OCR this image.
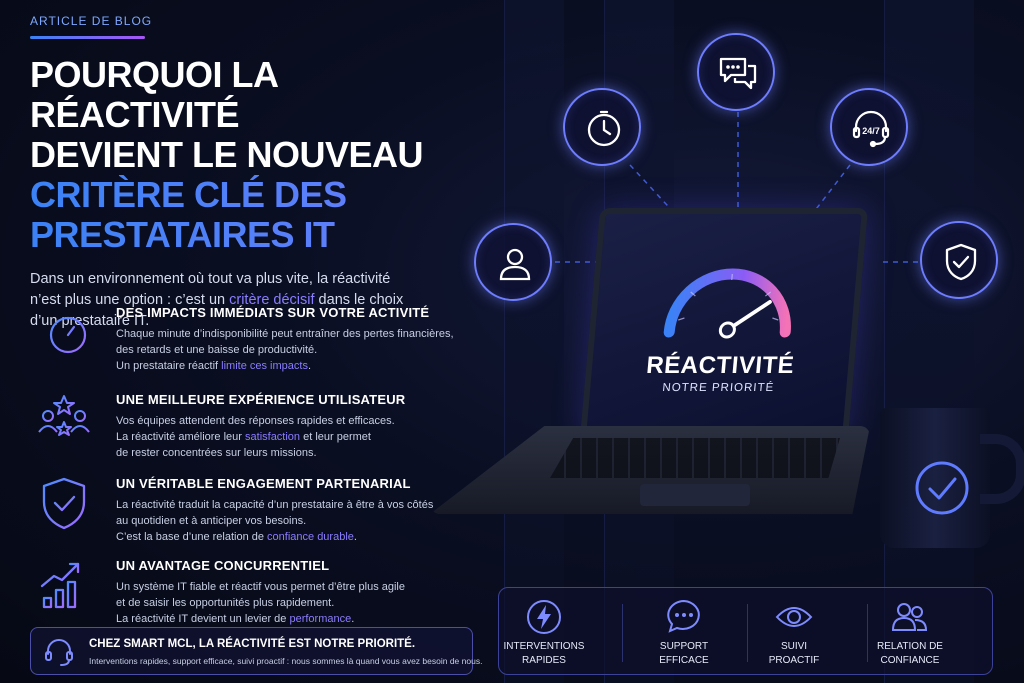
ARTICLE DE BLOG
POURQUOI LA RÉACTIVITÉ
DEVIENT LE NOUVEAU
CRITÈRE CLÉ DES
PRESTATAIRES IT

Dans un environnement où tout va plus vite, la réactivité n’est plus une option : c’est un critère décisif dans le choix d’un prestataire IT.

DES IMPACTS IMMÉDIATS SUR VOTRE ACTIVITÉ

Chaque minute d’indisponibilité peut entraîner des pertes financières,
des retards et une baisse de productivité.
Un prestataire réactif limite ces impacts.

UNE MEILLEURE EXPÉRIENCE UTILISATEUR

Vos équipes attendent des réponses rapides et efficaces.
La réactivité améliore leur satisfaction et leur permet
de rester concentrées sur leurs missions.

UN VÉRITABLE ENGAGEMENT PARTENARIAL

La réactivité traduit la capacité d’un prestataire à être à vos côtés
au quotidien et à anticiper vos besoins.
C’est la base d’une relation de confiance durable.

UN AVANTAGE CONCURRENTIEL

Un système IT fiable et réactif vous permet d’être plus agile
et de saisir les opportunités plus rapidement.
La réactivité IT devient un levier de performance.

CHEZ SMART MCL, LA RÉACTIVITÉ EST NOTRE PRIORITÉ.

Interventions rapides, support efficace, suivi proactif : nous sommes là quand vous avez besoin de nous.

24/7
RÉACTIVITÉ
NOTRE PRIORITÉ
INTERVENTIONS
RAPIDES
SUPPORT
EFFICACE
SUIVI
PROACTIF
RELATION DE
CONFIANCE
